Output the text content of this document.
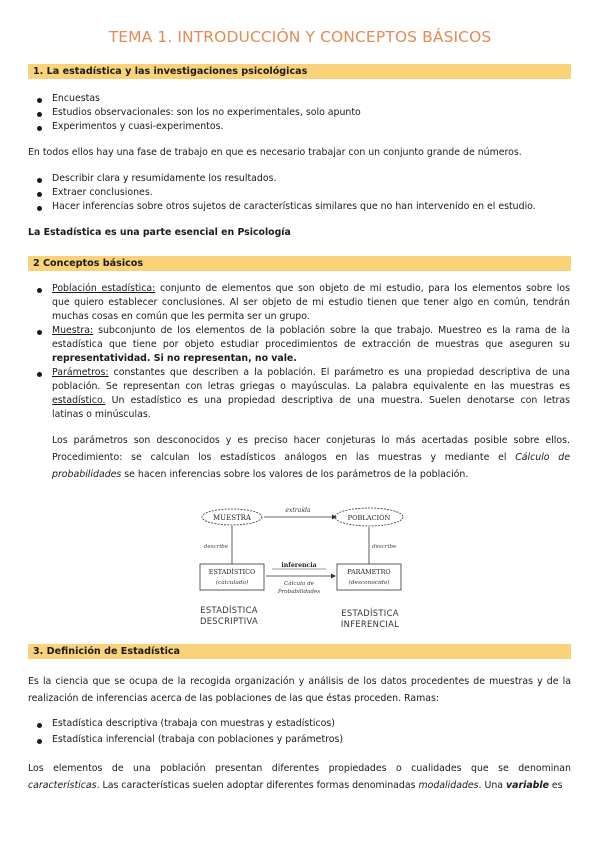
TEMA 1. INTRODUCCIÓN Y CONCEPTOS BÁSICOS
1. La estadística y las investigaciones psicológicas
Encuestas
Estudios observacionales: son los no experimentales, solo apunto
Experimentos y cuasi-experimentos.
En todos ellos hay una fase de trabajo en que es necesario trabajar con un conjunto grande de números.
Describir clara y resumidamente los resultados.
Extraer conclusiones.
Hacer inferencias sobre otros sujetos de características similares que no han intervenido en el estudio.
La Estadística es una parte esencial en Psicología
2 Conceptos básicos
Población estadística: conjunto de elementos que son objeto de mi estudio, para los elementos sobre los
que quiero establecer conclusiones. Al ser objeto de mi estudio tienen que tener algo en común, tendrán
muchas cosas en común que les permita ser un grupo.
Muestra: subconjunto de los elementos de la población sobre la que trabajo. Muestreo es la rama de la
estadística que tiene por objeto estudiar procedimientos de extracción de muestras que aseguren su
representatividad. Si no representan, no vale.
Parámetros: constantes que describen a la población. El parámetro es una propiedad descriptiva de una
población. Se representan con letras griegas o mayúsculas. La palabra equivalente en las muestras es
estadístico. Un estadístico es una propiedad descriptiva de una muestra. Suelen denotarse con letras
latinas o minúsculas.
Los parámetros son desconocidos y es preciso hacer conjeturas lo más acertadas posible sobre ellos.
Procedimiento: se calculan los estadísticos análogos en las muestras y mediante el Cálculo de
probabilidades se hacen inferencias sobre los valores de los parámetros de la población.
MUESTRA	POBLACIÓN
extraída
describe	describe
ESTADÍSTICO
(calculado)
PARÁMETRO
(desconocido)
inferencia
Cálculo de
Probabilidades
ESTADÍSTICA
DESCRIPTIVA
ESTADÍSTICA
INFERENCIAL
3. Definición de Estadística
Es la ciencia que se ocupa de la recogida organización y análisis de los datos procedentes de muestras y de la
realización de inferencias acerca de las poblaciones de las que éstas proceden. Ramas:
Estadística descriptiva (trabaja con muestras y estadísticos)
Estadística inferencial (trabaja con poblaciones y parámetros)
Los elementos de una población presentan diferentes propiedades o cualidades que se denominan
características. Las características suelen adoptar diferentes formas denominadas modalidades. Una variable es
